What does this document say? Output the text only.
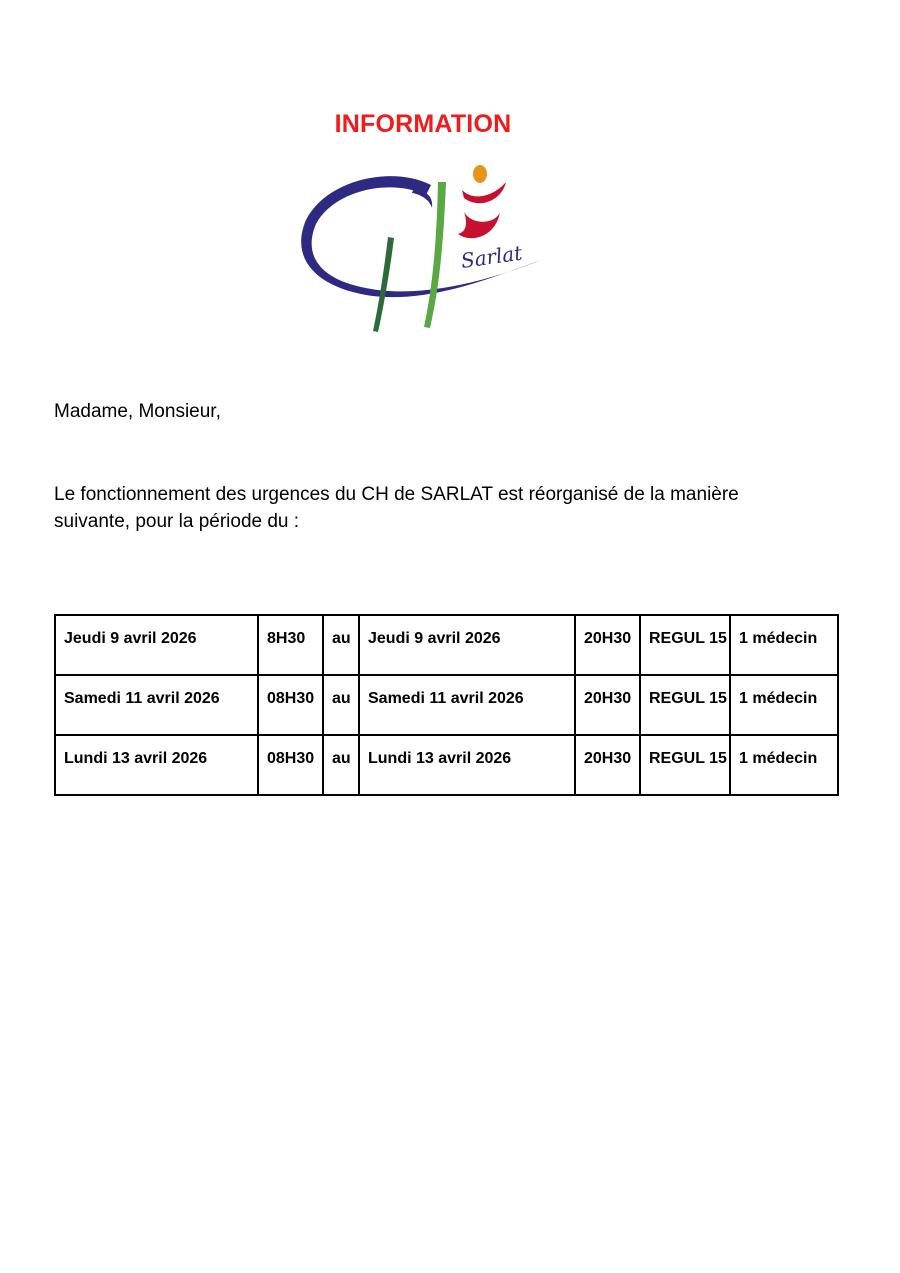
INFORMATION
Sarlat
Madame, Monsieur,
Le fonctionnement des urgences du CH de SARLAT est réorganisé de la manière suivante, pour la période du :
Jeudi 9 avril 2026	8H30	au	Jeudi 9 avril 2026	20H30	REGUL 15	1 médecin
Samedi 11 avril 2026	08H30	au	Samedi 11 avril 2026	20H30	REGUL 15	1 médecin
Lundi 13 avril 2026	08H30	au	Lundi 13 avril 2026	20H30	REGUL 15	1 médecin
